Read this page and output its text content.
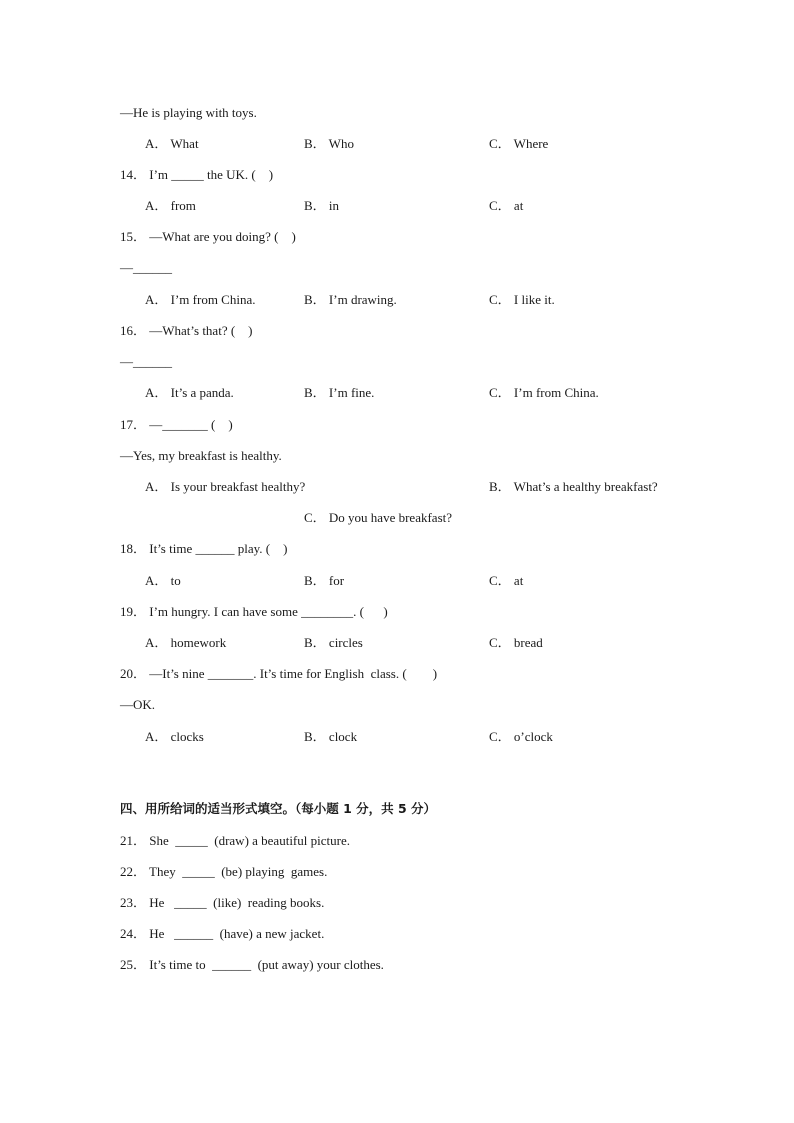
—He is playing with toys.
A． What	B． Who	C． Where
14． I’m _____ the UK. (    )
A． from	B． in	C． at
15． —What are you doing? (    )
—______
A． I’m from China.	B． I’m drawing.	C． I like it.
16． —What’s that? (    )
—______
A． It’s a panda.	B． I’m fine.	C． I’m from China.
17． —_______ (    )
—Yes, my breakfast is healthy.
A． Is your breakfast healthy?	B． What’s a healthy breakfast?
C． Do you have breakfast?
18． It’s time ______ play. (    )
A． to	B． for	C． at
19． I’m hungry. I can have some ________. (      )
A． homework	B． circles	C． bread
20． —It’s nine _______. It’s time for English  class. (        )
—OK.
A． clocks	B． clock	C． o’clock
四、用所给词的适当形式填空。（每小题 1 分，共 5 分）
21． She  _____  (draw) a beautiful picture.
22． They  _____  (be) playing  games.
23． He   _____  (like)  reading books.
24． He   ______  (have) a new jacket.
25． It’s time to  ______  (put away) your clothes.
